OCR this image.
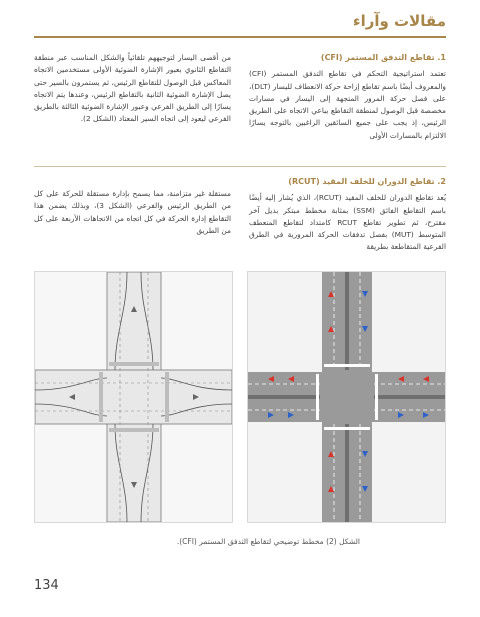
مقالات وآراء
1. تقاطع التدفق المستمر (CFI)

تعتمد استراتيجية التحكم في تقاطع التدفق المستمر (CFI) والمعروف أيضًا باسم تقاطع إزاحة حركة الانعطاف لليسار (DLT)، على فصل حركة المرور المتجهة إلى اليسار في مسارات مخصصة قبل الوصول لمنطقة التقاطع بباعي الاتجاه على الطريق الرئيس، إذ يجب على جميع السائقين الراغبين بالتوجه يسارًا الالتزام بالمسارات الأولى

من أقصى اليسار لتوجيههم تلقائياً والشكل المناسب عبر منطقة التقاطع الثانوي بعبور الإشارة الضوئية الأولى مستخدمين الاتجاه المعاكس قبل الوصول للتقاطع الرئيس، ثم يستمرون بالسير حتى يصل الإشارة الضوئية الثانية بالتقاطع الرئيس، وعندها يتم الاتجاه يسارًا إلى الطريق الفرعي وعبور الإشارة الضوئية الثالثة بالطريق الفرعي ليعود إلى اتجاه السير المعتاد (الشكل 2).

2. تقاطع الدوران للخلف المقيد (RCUT)

يُعد تقاطع الدوران للخلف المقيد (RCUT)، الذي يُشار إليه أيضًا باسم التقاطع الفائق (SSM) بمثابة مخطط مبتكر بديل آخر مقترح، ثم تطوير تقاطع RCUT كامتداد لتقاطع المنعطف المتوسط (MUT) بفصل تدفقات الحركة المرورية في الطرق الفرعية المتقاطعة بطريقة

مستقلة غير متزامنة، مما يسمح بإدارة مستقلة للحركة على كل من الطريق الرئيس والفرعي (الشكل 3)، وبذلك يضمن هذا التقاطع إدارة الحركة في كل اتجاه من الاتجاهات الأربعة على كل من الطريق

الشكل (2) مخطط توضيحي لتقاطع التدفق المستمر (CFI).
134
